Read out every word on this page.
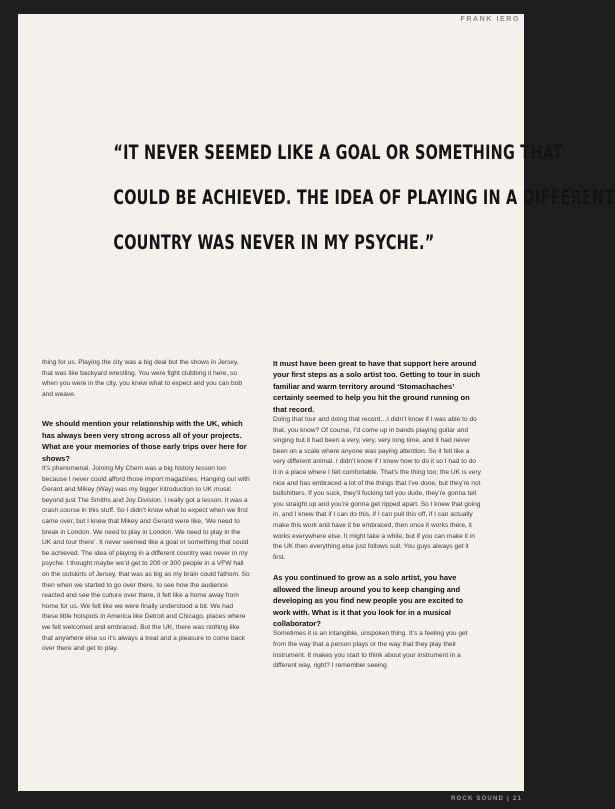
FRANK IERO
“IT NEVER SEEMED LIKE A GOAL OR SOMETHING THAT
COULD BE ACHIEVED. THE IDEA OF PLAYING IN A DIFFERENT
COUNTRY WAS NEVER IN MY PSYCHE.”

thing for us. Playing the city was a big deal but the shows in Jersey, that was like backyard wrestling. You were fight clubbing it here, so when you were in the city, you knew what to expect and you can bob and weave.

We should mention your relationship with the UK, which has always been very strong across all of your projects. What are your memories of those early trips over here for shows?

It’s phenomenal. Joining My Chem was a big history lesson too because I never could afford those import magazines. Hanging out with Gerard and Mikey (Way) was my bigger introduction to UK music beyond just The Smiths and Joy Division. I really got a lesson. It was a crash course in this stuff. So I didn’t know what to expect when we first came over, but I knew that Mikey and Gerard were like, ‘We need to break in London. We need to play in London. We need to play in the UK and tour there’. It never seemed like a goal or something that could be achieved. The idea of playing in a different country was never in my psyche. I thought maybe we’d get to 200 or 300 people in a VFW hall on the outskirts of Jersey, that was as big as my brain could fathom. So then when we started to go over there, to see how the audience reacted and see the culture over there, it felt like a home away from home for us. We felt like we were finally understood a bit. We had these little hotspots in America like Detroit and Chicago, places where we felt welcomed and embraced. But the UK, there was nothing like that anywhere else so it’s always a treat and a pleasure to come back over there and get to play.

It must have been great to have that support here around your first steps as a solo artist too. Getting to tour in such familiar and warm territory around ‘Stomachaches’ certainly seemed to help you hit the ground running on that record.

Doing that tour and doing that record…I didn’t know if I was able to do that, you know? Of course, I’d come up in bands playing guitar and singing but it had been a very, very, very long time, and it had never been on a scale where anyone was paying attention. So it felt like a very different animal. I didn’t know if I knew how to do it so I had to do it in a place where I felt comfortable. That’s the thing too; the UK is very nice and has embraced a lot of the things that I’ve done, but they’re not bullshitters. If you suck, they’ll fucking tell you dude, they’re gonna tell you straight up and you’re gonna get ripped apart. So I knew that going in, and I knew that if I can do this, if I can pull this off, if I can actually make this work and have it be embraced, then once it works there, it works everywhere else. It might take a while, but if you can make it in the UK then everything else just follows suit. You guys always get it first.

As you continued to grow as a solo artist, you have allowed the lineup around you to keep changing and developing as you find new people you are excited to work with. What is it that you look for in a musical collaborator?

Sometimes it is an intangible, unspoken thing. It’s a feeling you get from the way that a person plays or the way that they play their instrument. It makes you start to think about your instrument in a different way, right? I remember seeing

ROCK SOUND | 21
